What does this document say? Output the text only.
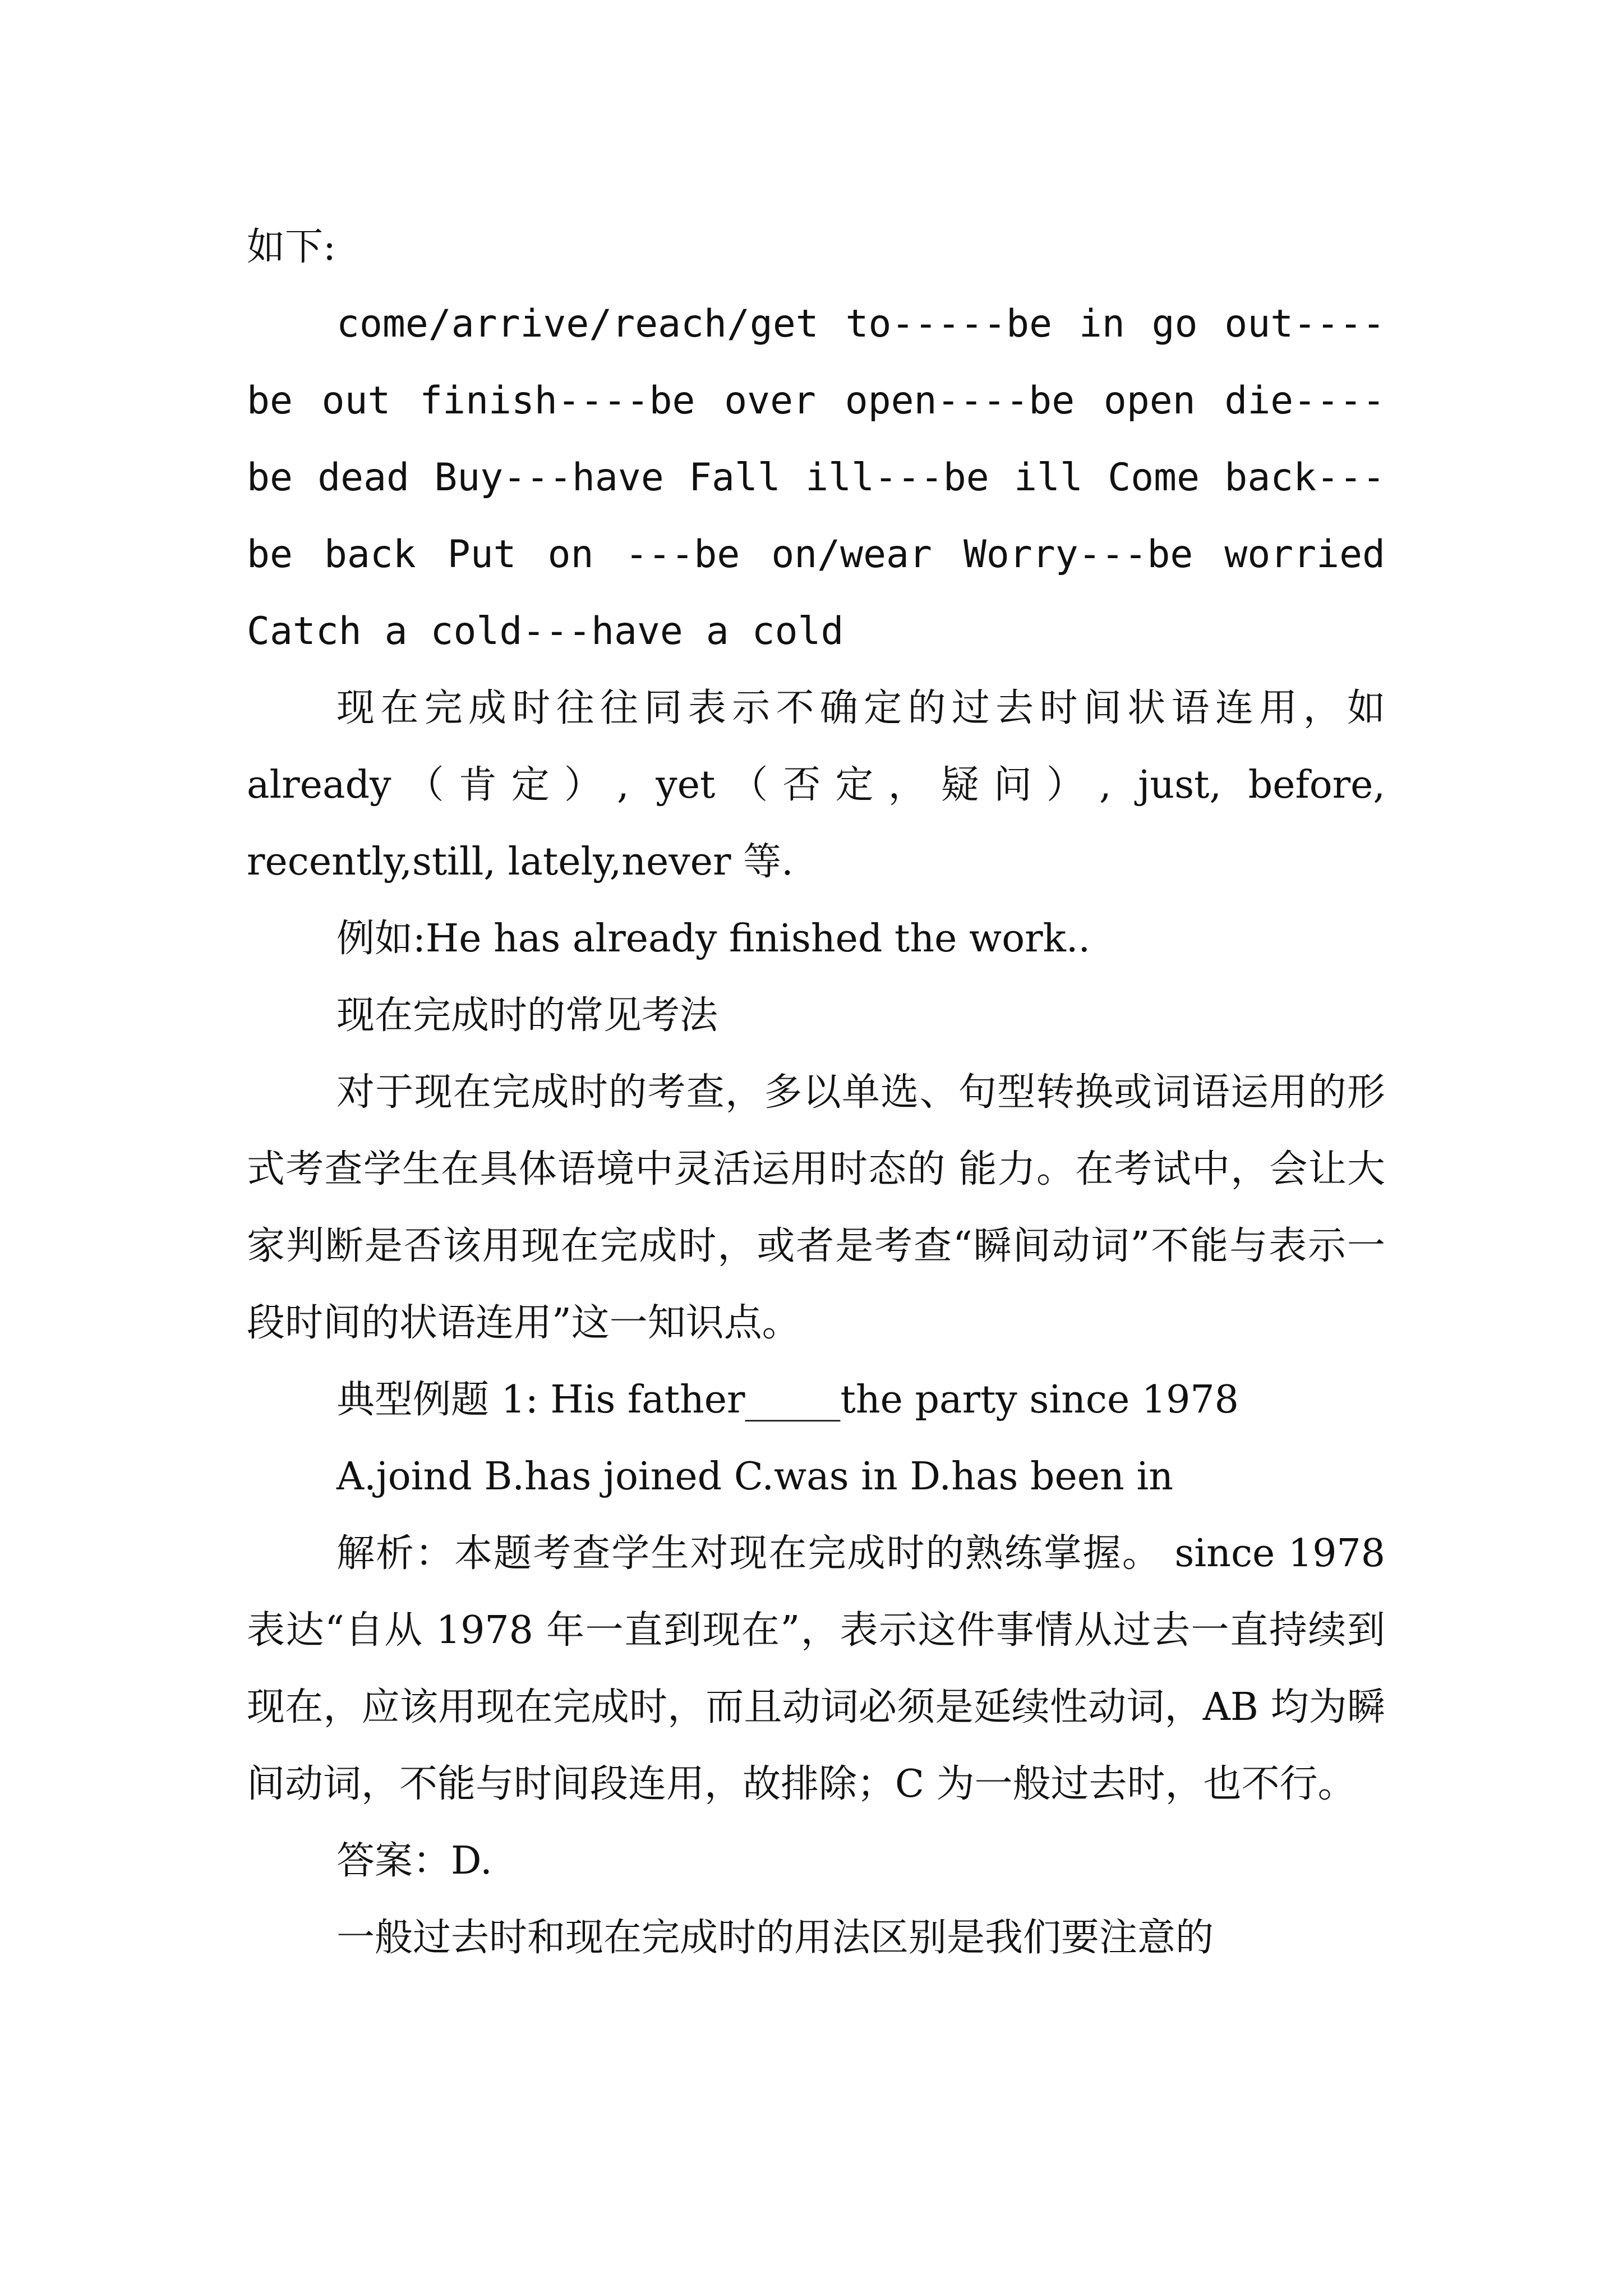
如下:

come/arrive/reach/get to-----be in go out----be out finish----be over open----be open die----be dead Buy---have Fall ill---be ill Come back---be back Put on ---be on/wear Worry---be worried Catch a cold---have a cold

现在完成时往往同表示不确定的过去时间状语连用，如 already（肯定）, yet（否定，疑问）, just, before, recently,still, lately,never 等.

例如:He has already finished the work..

现在完成时的常见考法

对于现在完成时的考查，多以单选、句型转换或词语运用的形式考查学生在具体语境中灵活运用时态的 能力。在考试中，会让大家判断是否该用现在完成时，或者是考查“瞬间动词”不能与表示一段时间的状语连用”这一知识点。

典型例题 1: His father_____the party since 1978

A.joind B.has joined C.was in D.has been in

解析：本题考查学生对现在完成时的熟练掌握。 since 1978 表达“自从 1978 年一直到现在”，表示这件事情从过去一直持续到现在，应该用现在完成时，而且动词必须是延续性动词，AB 均为瞬间动词，不能与时间段连用，故排除；C 为一般过去时，也不行。

答案：D.

一般过去时和现在完成时的用法区别是我们要注意的
